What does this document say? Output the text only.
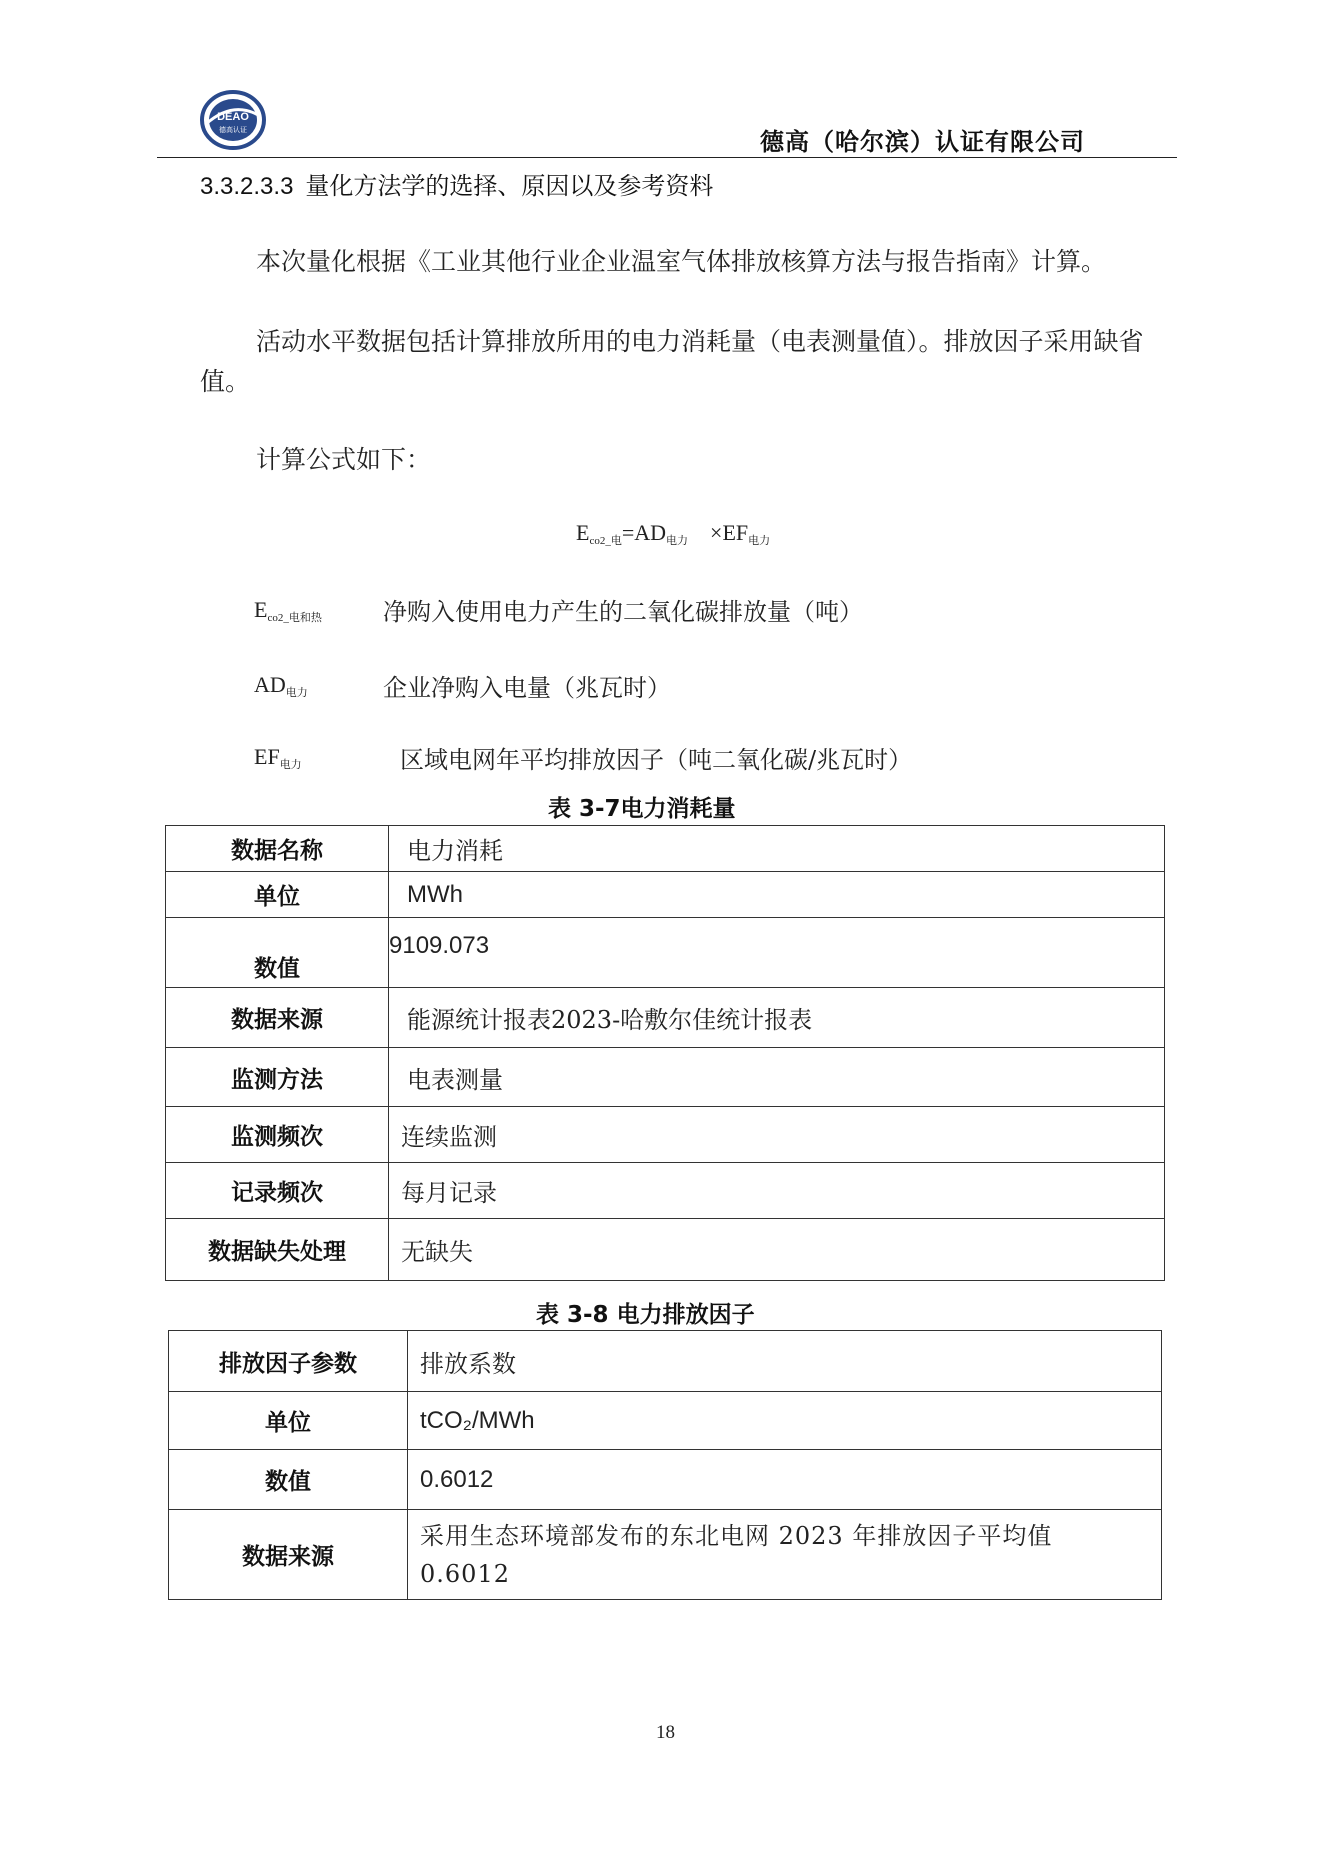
DEAO
德高认证	德高（哈尔滨）认证有限公司
3.3.2.3.3 量化方法学的选择、原因以及参考资料
本次量化根据《工业其他行业企业温室气体排放核算方法与报告指南》计算。
活动水平数据包括计算排放所用的电力消耗量（电表测量值）。排放因子采用缺省值。
计算公式如下：
$E_{co2\_电}=AD_{电力} \times EF_{电力}$
$E_{co2\_电和热}$	净购入使用电力产生的二氧化碳排放量（吨）
$AD_{电力}$	企业净购入电量（兆瓦时）
$EF_{电力}$	区域电网年平均排放因子（吨二氧化碳/兆瓦时）
表 3-7电力消耗量
数据名称	电力消耗
单位	MWh
数值	9109.073
数据来源	能源统计报表2023-哈敷尔佳统计报表
监测方法	电表测量
监测频次	连续监测
记录频次	每月记录
数据缺失处理	无缺失
表 3-8 电力排放因子
排放因子参数	排放系数
单位	tCO₂/MWh
数值	0.6012
数据来源	采用生态环境部发布的东北电网 2023 年排放因子平均值
0.6012
18
